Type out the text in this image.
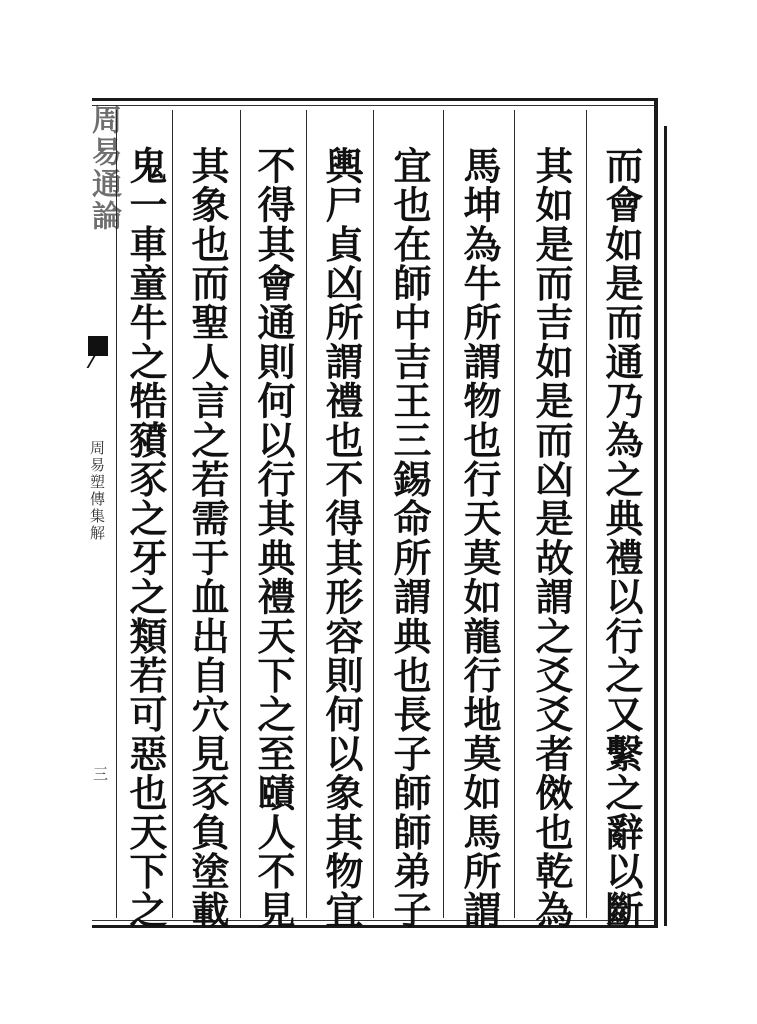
周易通論
周易塑傳集解
三	而會如是而通乃為之典禮以行之又繫之辭以斷
其如是而吉如是而凶是故謂之爻爻者傚也乾為
馬坤為牛所謂物也行天莫如龍行地莫如馬所謂
宜也在師中吉王三錫命所謂典也長子師師弟子
輿尸貞凶所謂禮也不得其形容則何以象其物宜
不得其會通則何以行其典禮天下之至賾人不見
其象也而聖人言之若需于血出自穴見豕負塗載
鬼一車童牛之牿豶豕之牙之類若可惡也天下之
